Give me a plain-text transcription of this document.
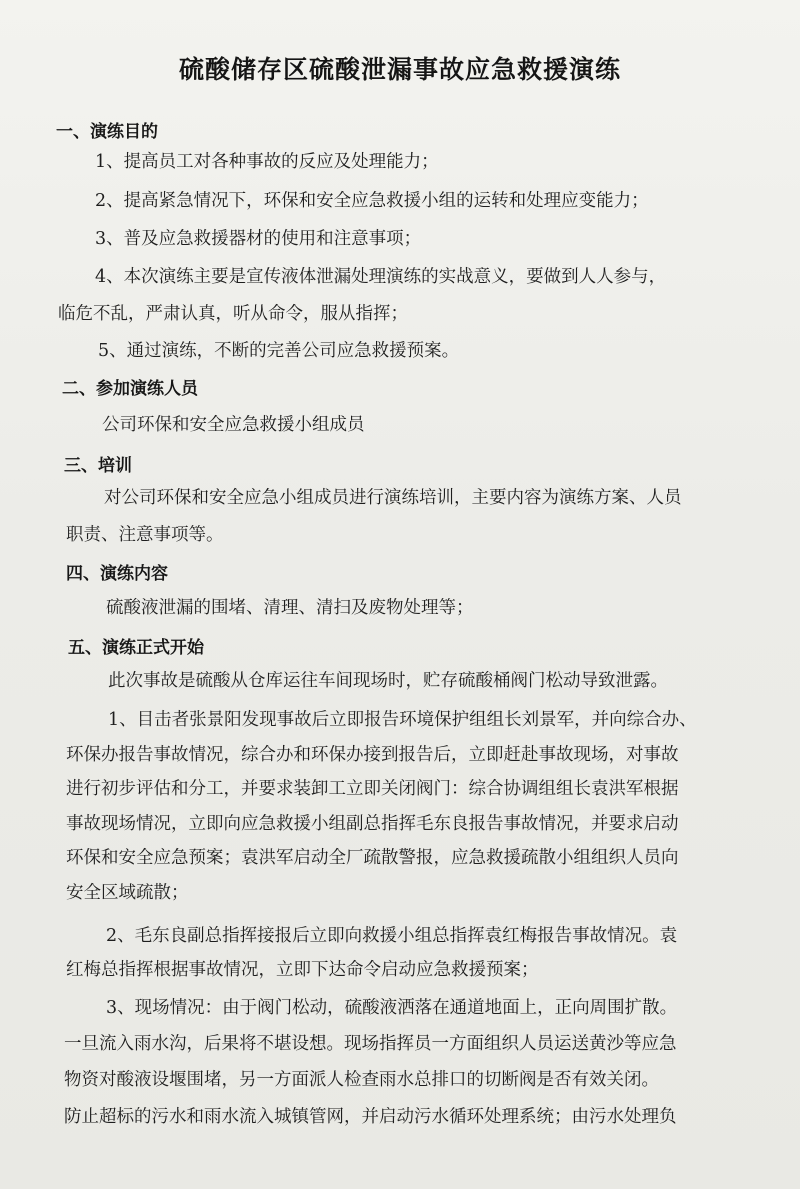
硫酸储存区硫酸泄漏事故应急救援演练
一、演练目的
1、提高员工对各种事故的反应及处理能力；
2、提高紧急情况下，环保和安全应急救援小组的运转和处理应变能力；
3、普及应急救援器材的使用和注意事项；
4、本次演练主要是宣传液体泄漏处理演练的实战意义，要做到人人参与，
临危不乱，严肃认真，听从命令，服从指挥；
5、通过演练，不断的完善公司应急救援预案。
二、参加演练人员
公司环保和安全应急救援小组成员
三、培训
对公司环保和安全应急小组成员进行演练培训，主要内容为演练方案、人员
职责、注意事项等。
四、演练内容
硫酸液泄漏的围堵、清理、清扫及废物处理等；
五、演练正式开始
此次事故是硫酸从仓库运往车间现场时，贮存硫酸桶阀门松动导致泄露。
1、目击者张景阳发现事故后立即报告环境保护组组长刘景军，并向综合办、
环保办报告事故情况，综合办和环保办接到报告后，立即赶赴事故现场，对事故
进行初步评估和分工，并要求装卸工立即关闭阀门：综合协调组组长袁洪军根据
事故现场情况，立即向应急救援小组副总指挥毛东良报告事故情况，并要求启动
环保和安全应急预案；袁洪军启动全厂疏散警报，应急救援疏散小组组织人员向
安全区域疏散；
2、毛东良副总指挥接报后立即向救援小组总指挥袁红梅报告事故情况。袁
红梅总指挥根据事故情况，立即下达命令启动应急救援预案；
3、现场情况：由于阀门松动，硫酸液洒落在通道地面上，正向周围扩散。
一旦流入雨水沟，后果将不堪设想。现场指挥员一方面组织人员运送黄沙等应急
物资对酸液设堰围堵，另一方面派人检查雨水总排口的切断阀是否有效关闭。
防止超标的污水和雨水流入城镇管网，并启动污水循环处理系统；由污水处理负
